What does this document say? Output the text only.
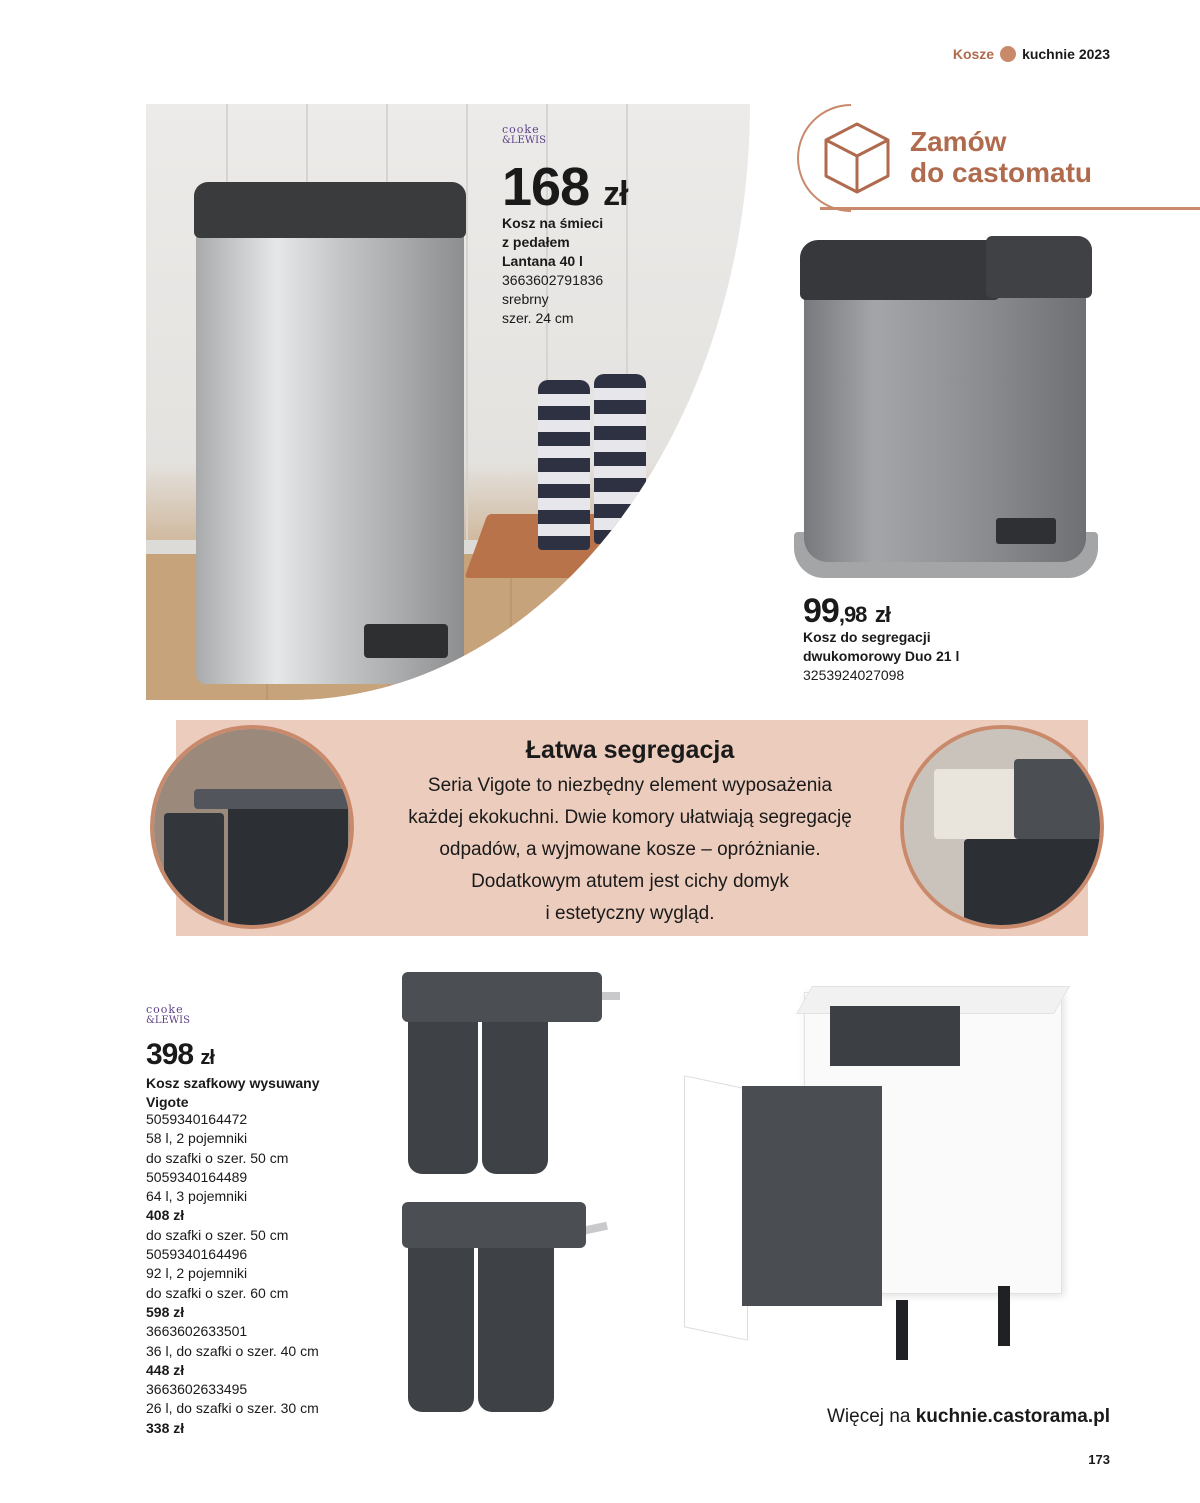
Kosze kuchnie 2023
cooke
&LEWIS
168 zł
Kosz na śmieci
z pedałem
Lantana 40 l
3663602791836
srebrny
szer. 24 cm
Zamów
do castomatu
99,98 zł
Kosz do segregacji
dwukomorowy Duo 21 l
3253924027098
Łatwa segregacja
Seria Vigote to niezbędny element wyposażenia
każdej ekokuchni. Dwie komory ułatwiają segregację
odpadów, a wyjmowane kosze – opróżnianie.
Dodatkowym atutem jest cichy domyk
i estetyczny wygląd.
cooke
&LEWIS
398 zł
Kosz szafkowy wysuwany
Vigote
5059340164472
58 l, 2 pojemniki
do szafki o szer. 50 cm
5059340164489
64 l, 3 pojemniki
408 zł
do szafki o szer. 50 cm
5059340164496
92 l, 2 pojemniki
do szafki o szer. 60 cm
598 zł
3663602633501
36 l, do szafki o szer. 40 cm
448 zł
3663602633495
26 l, do szafki o szer. 30 cm
338 zł
Więcej na kuchnie.castorama.pl
173
